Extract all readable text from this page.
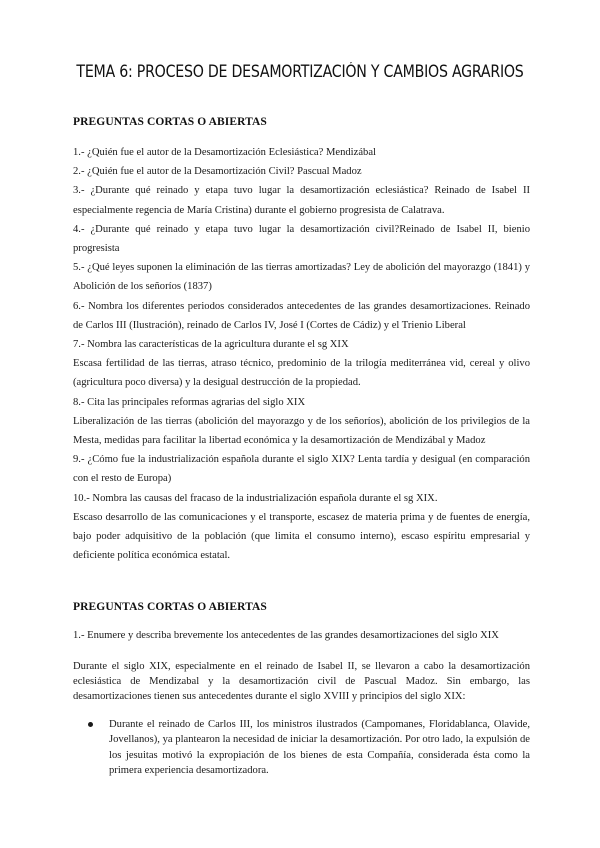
TEMA 6: PROCESO DE DESAMORTIZACIÓN Y CAMBIOS AGRARIOS
PREGUNTAS CORTAS O ABIERTAS
1.- ¿Quién fue el autor de la Desamortización Eclesiástica? Mendizábal
2.- ¿Quién fue el autor de la Desamortización Civil? Pascual Madoz
3.- ¿Durante qué reinado y etapa tuvo lugar la desamortización eclesiástica? Reinado de Isabel II especialmente regencia de María Cristina) durante el gobierno progresista de Calatrava.
4.- ¿Durante qué reinado y etapa tuvo lugar la desamortización civil?Reinado de Isabel II, bienio progresista
5.- ¿Qué leyes suponen la eliminación de las tierras amortizadas? Ley de abolición del mayorazgo (1841) y Abolición de los señoríos (1837)
6.- Nombra los diferentes periodos considerados antecedentes de las grandes desamortizaciones. Reinado de Carlos III (Ilustración), reinado de Carlos IV, José I (Cortes de Cádiz) y el Trienio Liberal
7.- Nombra las características de la agricultura durante el sg XIX
Escasa fertilidad de las tierras, atraso técnico, predominio de la trilogía mediterránea vid, cereal y olivo (agricultura poco diversa) y la desigual destrucción de la propiedad.
8.- Cita las principales reformas agrarias del siglo XIX
Liberalización de las tierras (abolición del mayorazgo y de los señoríos), abolición de los privilegios de la Mesta, medidas para facilitar la libertad económica y la desamortización de Mendizábal y Madoz
9.- ¿Cómo fue la industrialización española durante el siglo XIX? Lenta tardía y desigual (en comparación con el resto de Europa)
10.- Nombra las causas del fracaso de la industrialización española durante el sg XIX.
Escaso desarrollo de las comunicaciones y el transporte, escasez de materia prima y de fuentes de energía, bajo poder adquisitivo de la población (que limita el consumo interno), escaso espíritu empresarial y deficiente política económica estatal.
PREGUNTAS CORTAS O ABIERTAS
1.- Enumere y describa brevemente los antecedentes de las grandes desamortizaciones del siglo XIX
Durante el siglo XIX, especialmente en el reinado de Isabel II, se llevaron a cabo la desamortización eclesiástica de Mendizabal y la desamortización civil de Pascual Madoz. Sin embargo, las desamortizaciones tienen sus antecedentes durante el siglo XVIII y principios del siglo XIX:
Durante el reinado de Carlos III, los ministros ilustrados (Campomanes, Floridablanca, Olavide, Jovellanos), ya plantearon la necesidad de iniciar la desamortización. Por otro lado, la expulsión de los jesuitas motivó la expropiación de los bienes de esta Compañía, considerada ésta como la primera experiencia desamortizadora.
